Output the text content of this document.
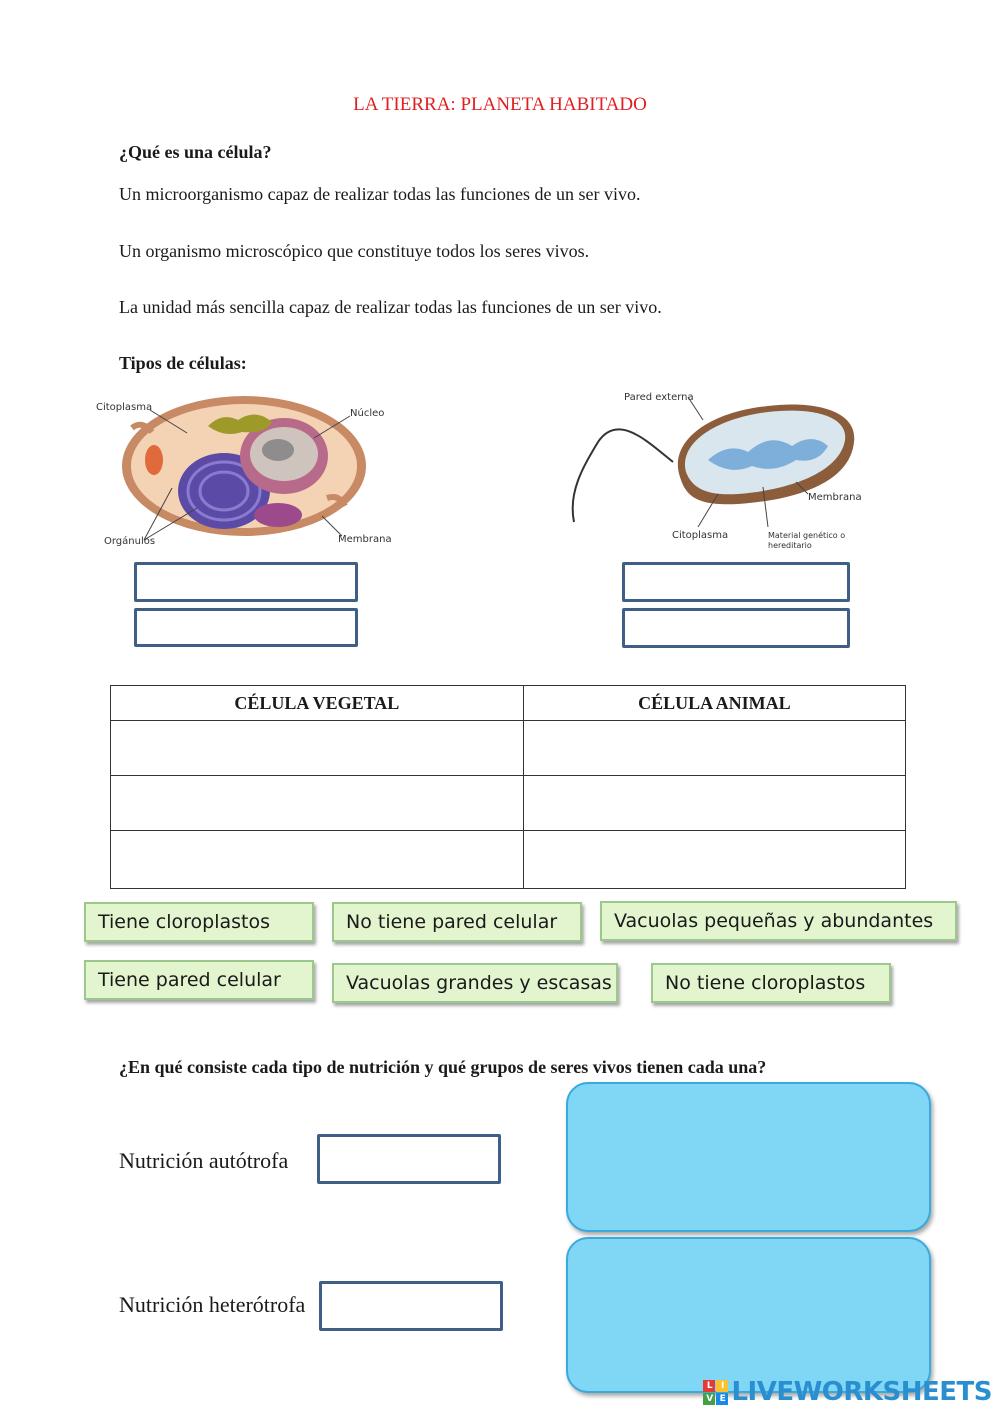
LA TIERRA: PLANETA HABITADO
¿Qué es una célula?
Un microorganismo capaz de realizar todas las funciones de un ser vivo.
Un organismo microscópico que constituye todos los seres vivos.
La unidad más sencilla capaz de realizar todas las funciones de un ser vivo.
Tipos de células:
Citoplasma
Núcleo
Orgánulos	Membrana
Pared externa
Membrana
Citoplasma	Material genético o
hereditario
CÉLULA VEGETAL	CÉLULA ANIMAL

Tiene cloroplastos	No tiene pared celular	Vacuolas pequeñas y abundantes
Tiene pared celular	Vacuolas grandes y escasas	No tiene cloroplastos
¿En qué consiste cada tipo de nutrición y qué grupos de seres vivos tienen cada una?
Nutrición autótrofa
Nutrición heterótrofa
L I
V E LIVEWORKSHEETS
